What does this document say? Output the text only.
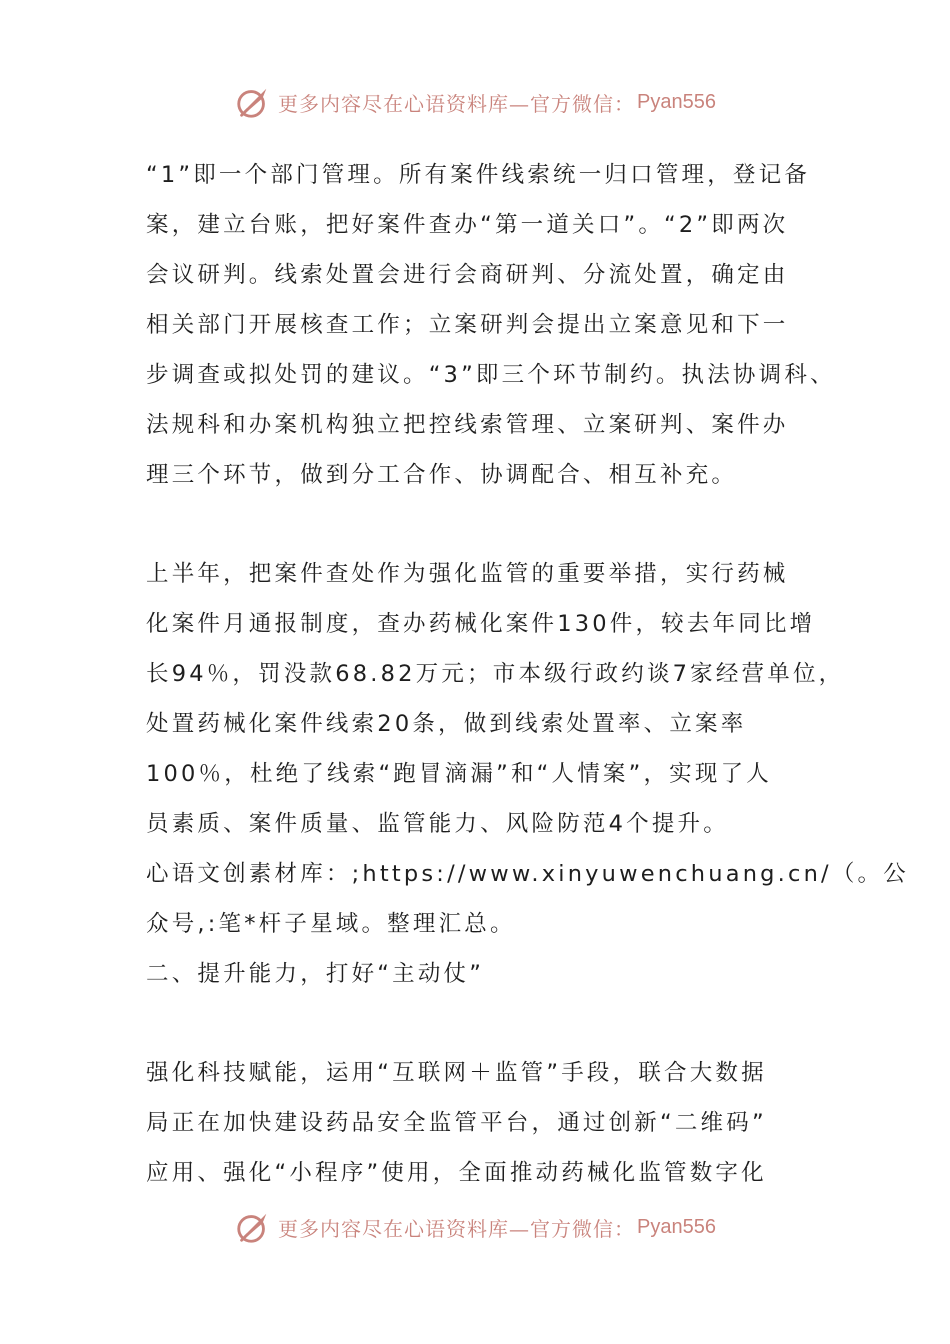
更多内容尽在心语资料库—官方微信： Pyan556
“1”即一个部门管理。所有案件线索统一归口管理，登记备
案，建立台账，把好案件查办“第一道关口”。“2”即两次
会议研判。线索处置会进行会商研判、分流处置，确定由
相关部门开展核查工作；立案研判会提出立案意见和下一
步调查或拟处罚的建议。“3”即三个环节制约。执法协调科、
法规科和办案机构独立把控线索管理、立案研判、案件办
理三个环节，做到分工合作、协调配合、相互补充。
上半年，把案件查处作为强化监管的重要举措，实行药械
化案件月通报制度，查办药械化案件130件，较去年同比增
长94％，罚没款68.82万元；市本级行政约谈7家经营单位，
处置药械化案件线索20条，做到线索处置率、立案率
100％，杜绝了线索“跑冒滴漏”和“人情案”，实现了人
员素质、案件质量、监管能力、风险防范4个提升。
心语文创素材库：;https://www.xinyuwenchuang.cn/（。公
众号,:笔*杆子星域。整理汇总。
二、提升能力，打好“主动仗”
强化科技赋能，运用“互联网＋监管”手段，联合大数据
局正在加快建设药品安全监管平台，通过创新“二维码”
应用、强化“小程序”使用，全面推动药械化监管数字化
更多内容尽在心语资料库—官方微信： Pyan556
